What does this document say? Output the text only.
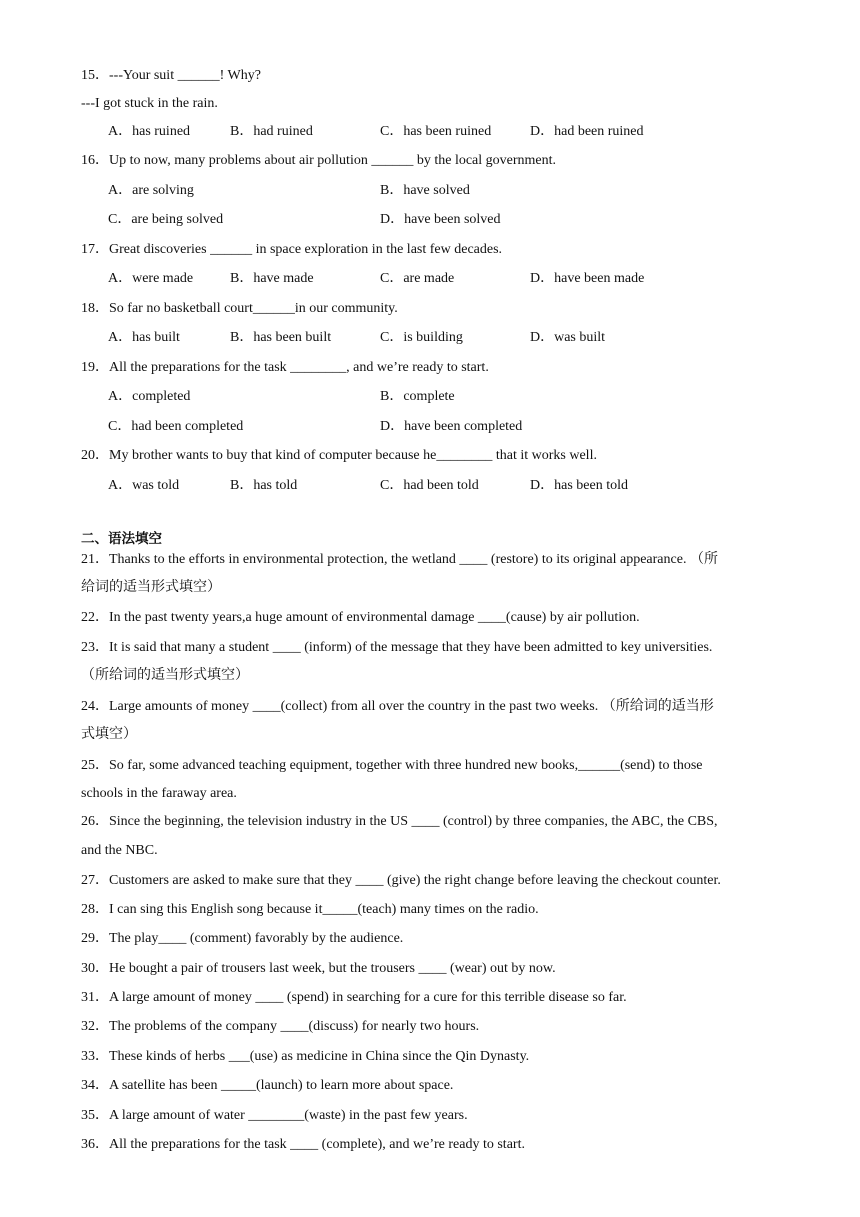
15．---Your suit ______! Why?
---I got stuck in the rain.
A．has ruined	B．had ruined	C．has been ruined	D．had been ruined
16．Up to now, many problems about air pollution ______ by the local government.
A．are solving	B．have solved
C．are being solved	D．have been solved
17．Great discoveries ______ in space exploration in the last few decades.
A．were made	B．have made	C．are made	D．have been made
18．So far no basketball court______in our community.
A．has built	B．has been built	C．is building	D．was built
19．All the preparations for the task ________, and we’re ready to start.
A．completed	B．complete
C．had been completed	D．have been completed
20．My brother wants to buy that kind of computer because he________ that it works well.
A．was told	B．has told	C．had been told	D．has been told
二、语法填空
21．Thanks to the efforts in environmental protection, the wetland ____ (restore) to its original appearance. （所
给词的适当形式填空）
22．In the past twenty years,a huge amount of environmental damage ____(cause) by air pollution.
23．It is said that many a student ____ (inform) of the message that they have been admitted to key universities.
（所给词的适当形式填空）
24．Large amounts of money ____(collect) from all over the country in the past two weeks. （所给词的适当形
式填空）
25．So far, some advanced teaching equipment, together with three hundred new books,______(send) to those
schools in the faraway area.
26．Since the beginning, the television industry in the US ____ (control) by three companies, the ABC, the CBS,
and the NBC.
27．Customers are asked to make sure that they ____ (give) the right change before leaving the checkout counter.
28．I can sing this English song because it_____(teach) many times on the radio.
29．The play____ (comment) favorably by the audience.
30．He bought a pair of trousers last week, but the trousers ____ (wear) out by now.
31．A large amount of money ____ (spend) in searching for a cure for this terrible disease so far.
32．The problems of the company ____(discuss) for nearly two hours.
33．These kinds of herbs ___(use) as medicine in China since the Qin Dynasty.
34．A satellite has been _____(launch) to learn more about space.
35．A large amount of water ________(waste) in the past few years.
36．All the preparations for the task ____ (complete), and we’re ready to start.
